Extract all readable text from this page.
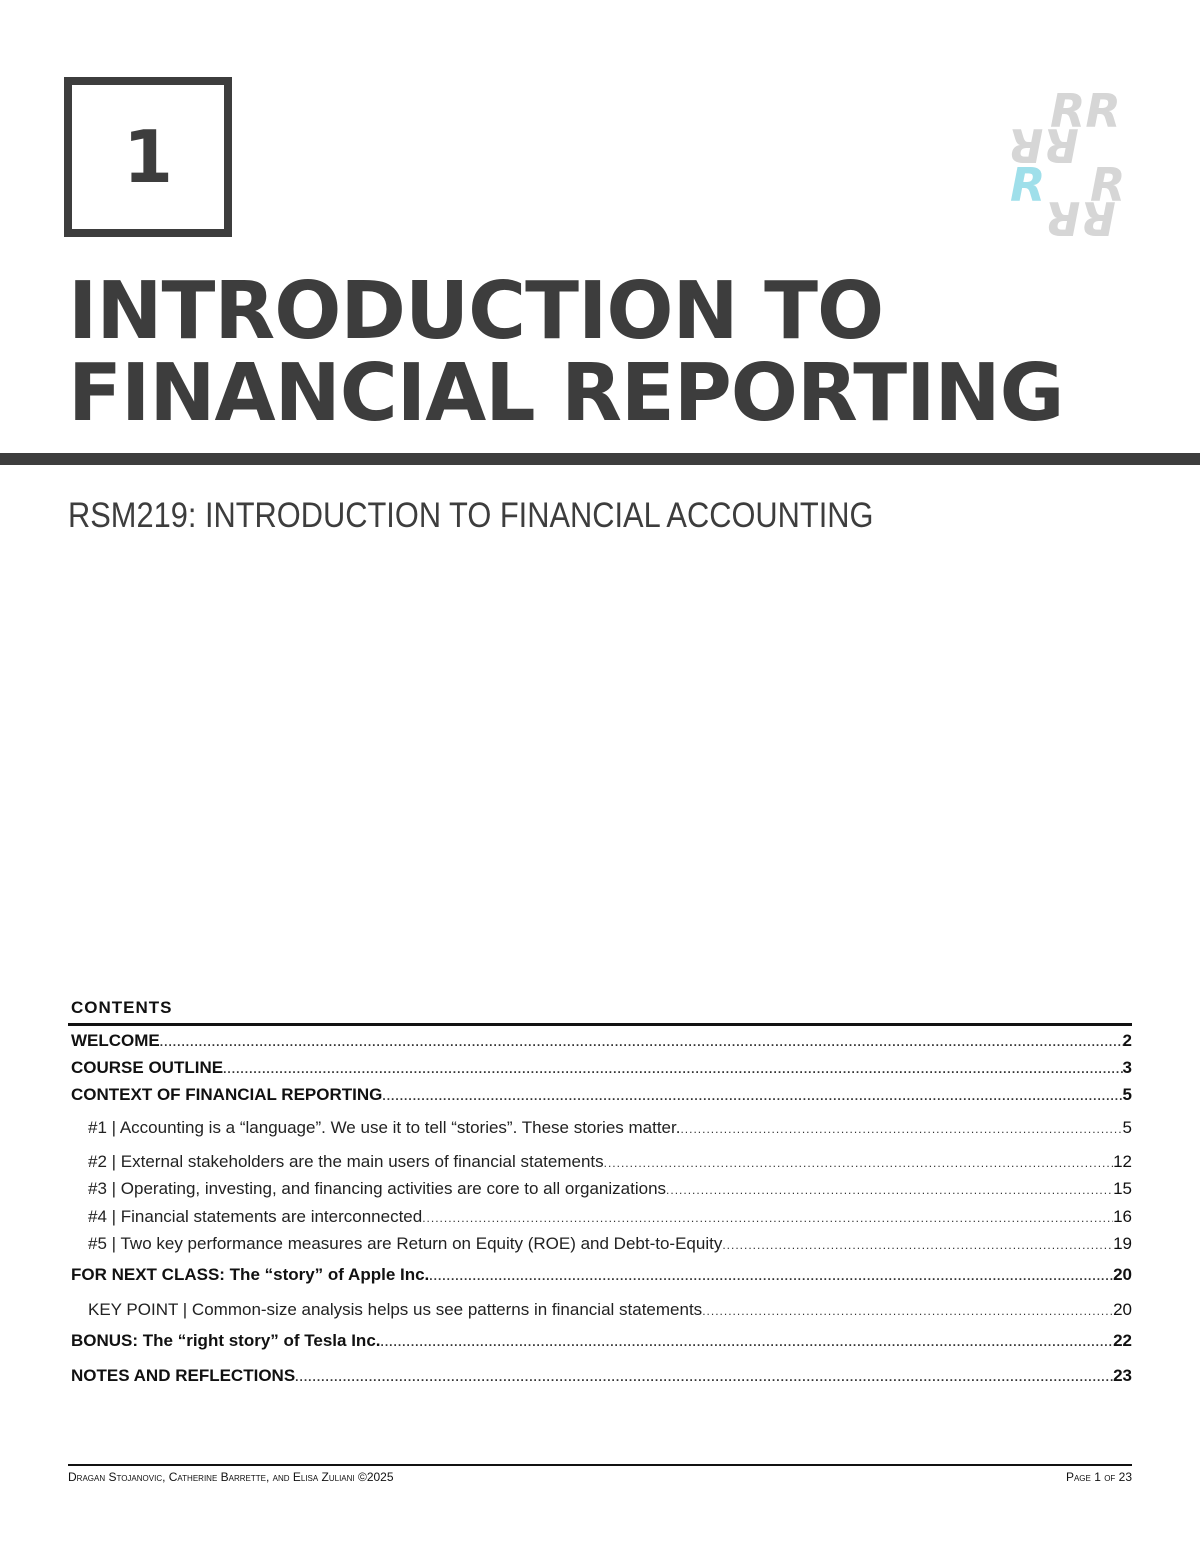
1
RR
RR
R R
RR
INTRODUCTION TO
FINANCIAL REPORTING
RSM219: INTRODUCTION TO FINANCIAL ACCOUNTING
CONTENTS
WELCOME .....	2
COURSE OUTLINE .....	3
CONTEXT OF FINANCIAL REPORTING .....	5
#1 | Accounting is a “language”. We use it to tell “stories”. These stories matter. .....	5
#2 | External stakeholders are the main users of financial statements .....	12
#3 | Operating, investing, and financing activities are core to all organizations .....	15
#4 | Financial statements are interconnected .....	16
#5 | Two key performance measures are Return on Equity (ROE) and Debt-to-Equity .....	19
FOR NEXT CLASS: The “story” of Apple Inc. .....	20
KEY POINT | Common-size analysis helps us see patterns in financial statements .....	20
BONUS: The “right story” of Tesla Inc. .....	22
NOTES AND REFLECTIONS .....	23
Dragan Stojanovic, Catherine Barrette, and Elisa Zuliani ©2025	Page 1 of 23
